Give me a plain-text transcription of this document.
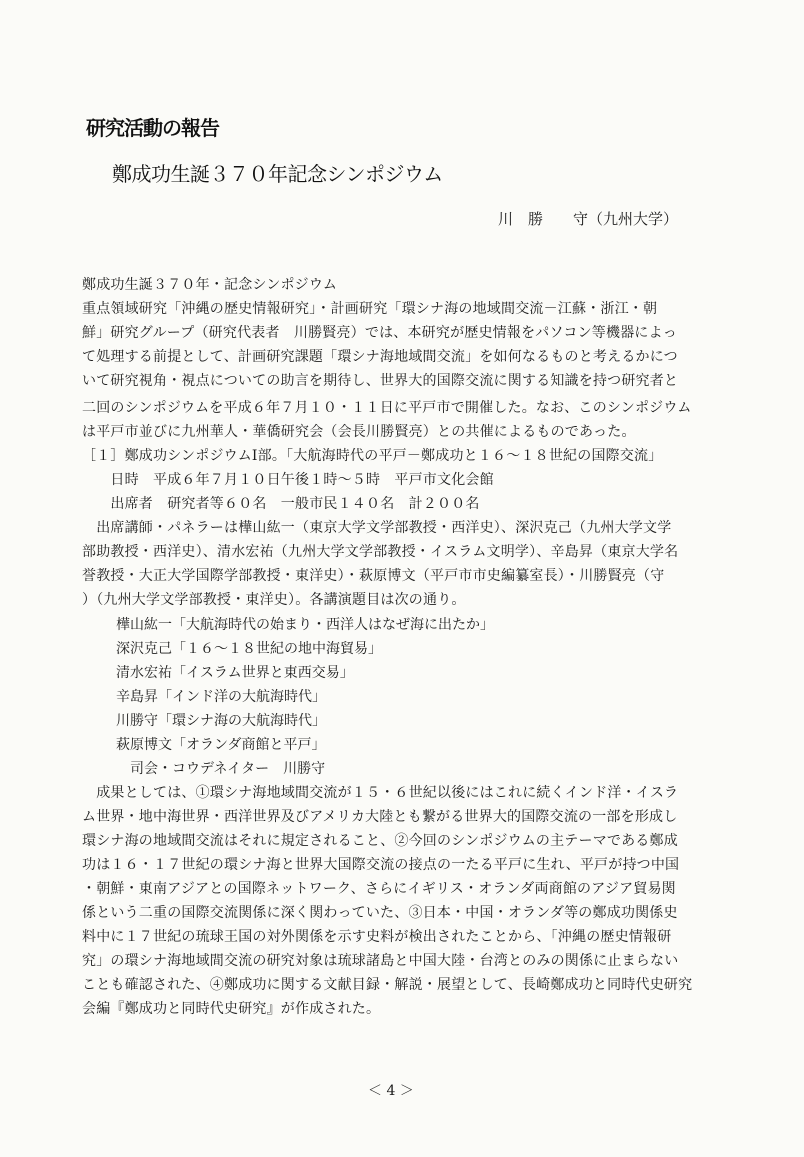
研究活動の報告
鄭成功生誕３７０年記念シンポジウム
川　勝　　守（九州大学）
鄭成功生誕３７０年・記念シンポジウム
重点領域研究「沖縄の歴史情報研究」・計画研究「環シナ海の地域間交流－江蘇・浙江・朝
鮮」研究グループ（研究代表者　川勝賢亮）では、本研究が歴史情報をパソコン等機器によっ
て処理する前提として、計画研究課題「環シナ海地域間交流」を如何なるものと考えるかにつ
いて研究視角・視点についての助言を期待し、世界大的国際交流に関する知識を持つ研究者と
二回のシンポジウムを平成６年７月１０・１１日に平戸市で開催した。なお、このシンポジウム
は平戸市並びに九州華人・華僑研究会（会長川勝賢亮）との共催によるものであった。
［１］鄭成功シンポジウムⅠ部。「大航海時代の平戸－鄭成功と１６～１８世紀の国際交流」
　　日時　平成６年７月１０日午後１時～５時　平戸市文化会館
　　出席者　研究者等６０名　一般市民１４０名　計２００名
　出席講師・パネラーは樺山紘一（東京大学文学部教授・西洋史）、深沢克己（九州大学文学
部助教授・西洋史）、清水宏祐（九州大学文学部教授・イスラム文明学）、辛島昇（東京大学名
誉教授・大正大学国際学部教授・東洋史）・萩原博文（平戸市市史編纂室長）・川勝賢亮（守
）（九州大学文学部教授・東洋史）。各講演題目は次の通り。
樺山紘一「大航海時代の始まり・西洋人はなぜ海に出たか」
深沢克己「１６～１８世紀の地中海貿易」
清水宏祐「イスラム世界と東西交易」
辛島昇「インド洋の大航海時代」
川勝守「環シナ海の大航海時代」
萩原博文「オランダ商館と平戸」
　司会・コウデネイター　川勝守
　成果としては、①環シナ海地域間交流が１５・６世紀以後にはこれに続くインド洋・イスラ
ム世界・地中海世界・西洋世界及びアメリカ大陸とも繋がる世界大的国際交流の一部を形成し
環シナ海の地域間交流はそれに規定されること、②今回のシンポジウムの主テーマである鄭成
功は１６・１７世紀の環シナ海と世界大国際交流の接点の一たる平戸に生れ、平戸が持つ中国
・朝鮮・東南アジアとの国際ネットワーク、さらにイギリス・オランダ両商館のアジア貿易関
係という二重の国際交流関係に深く関わっていた、③日本・中国・オランダ等の鄭成功関係史
料中に１７世紀の琉球王国の対外関係を示す史料が検出されたことから、「沖縄の歴史情報研
究」の環シナ海地域間交流の研究対象は琉球諸島と中国大陸・台湾とのみの関係に止まらない
ことも確認された、④鄭成功に関する文献目録・解説・展望として、長崎鄭成功と同時代史研究
会編『鄭成功と同時代史研究』が作成された。
＜ 4 ＞
